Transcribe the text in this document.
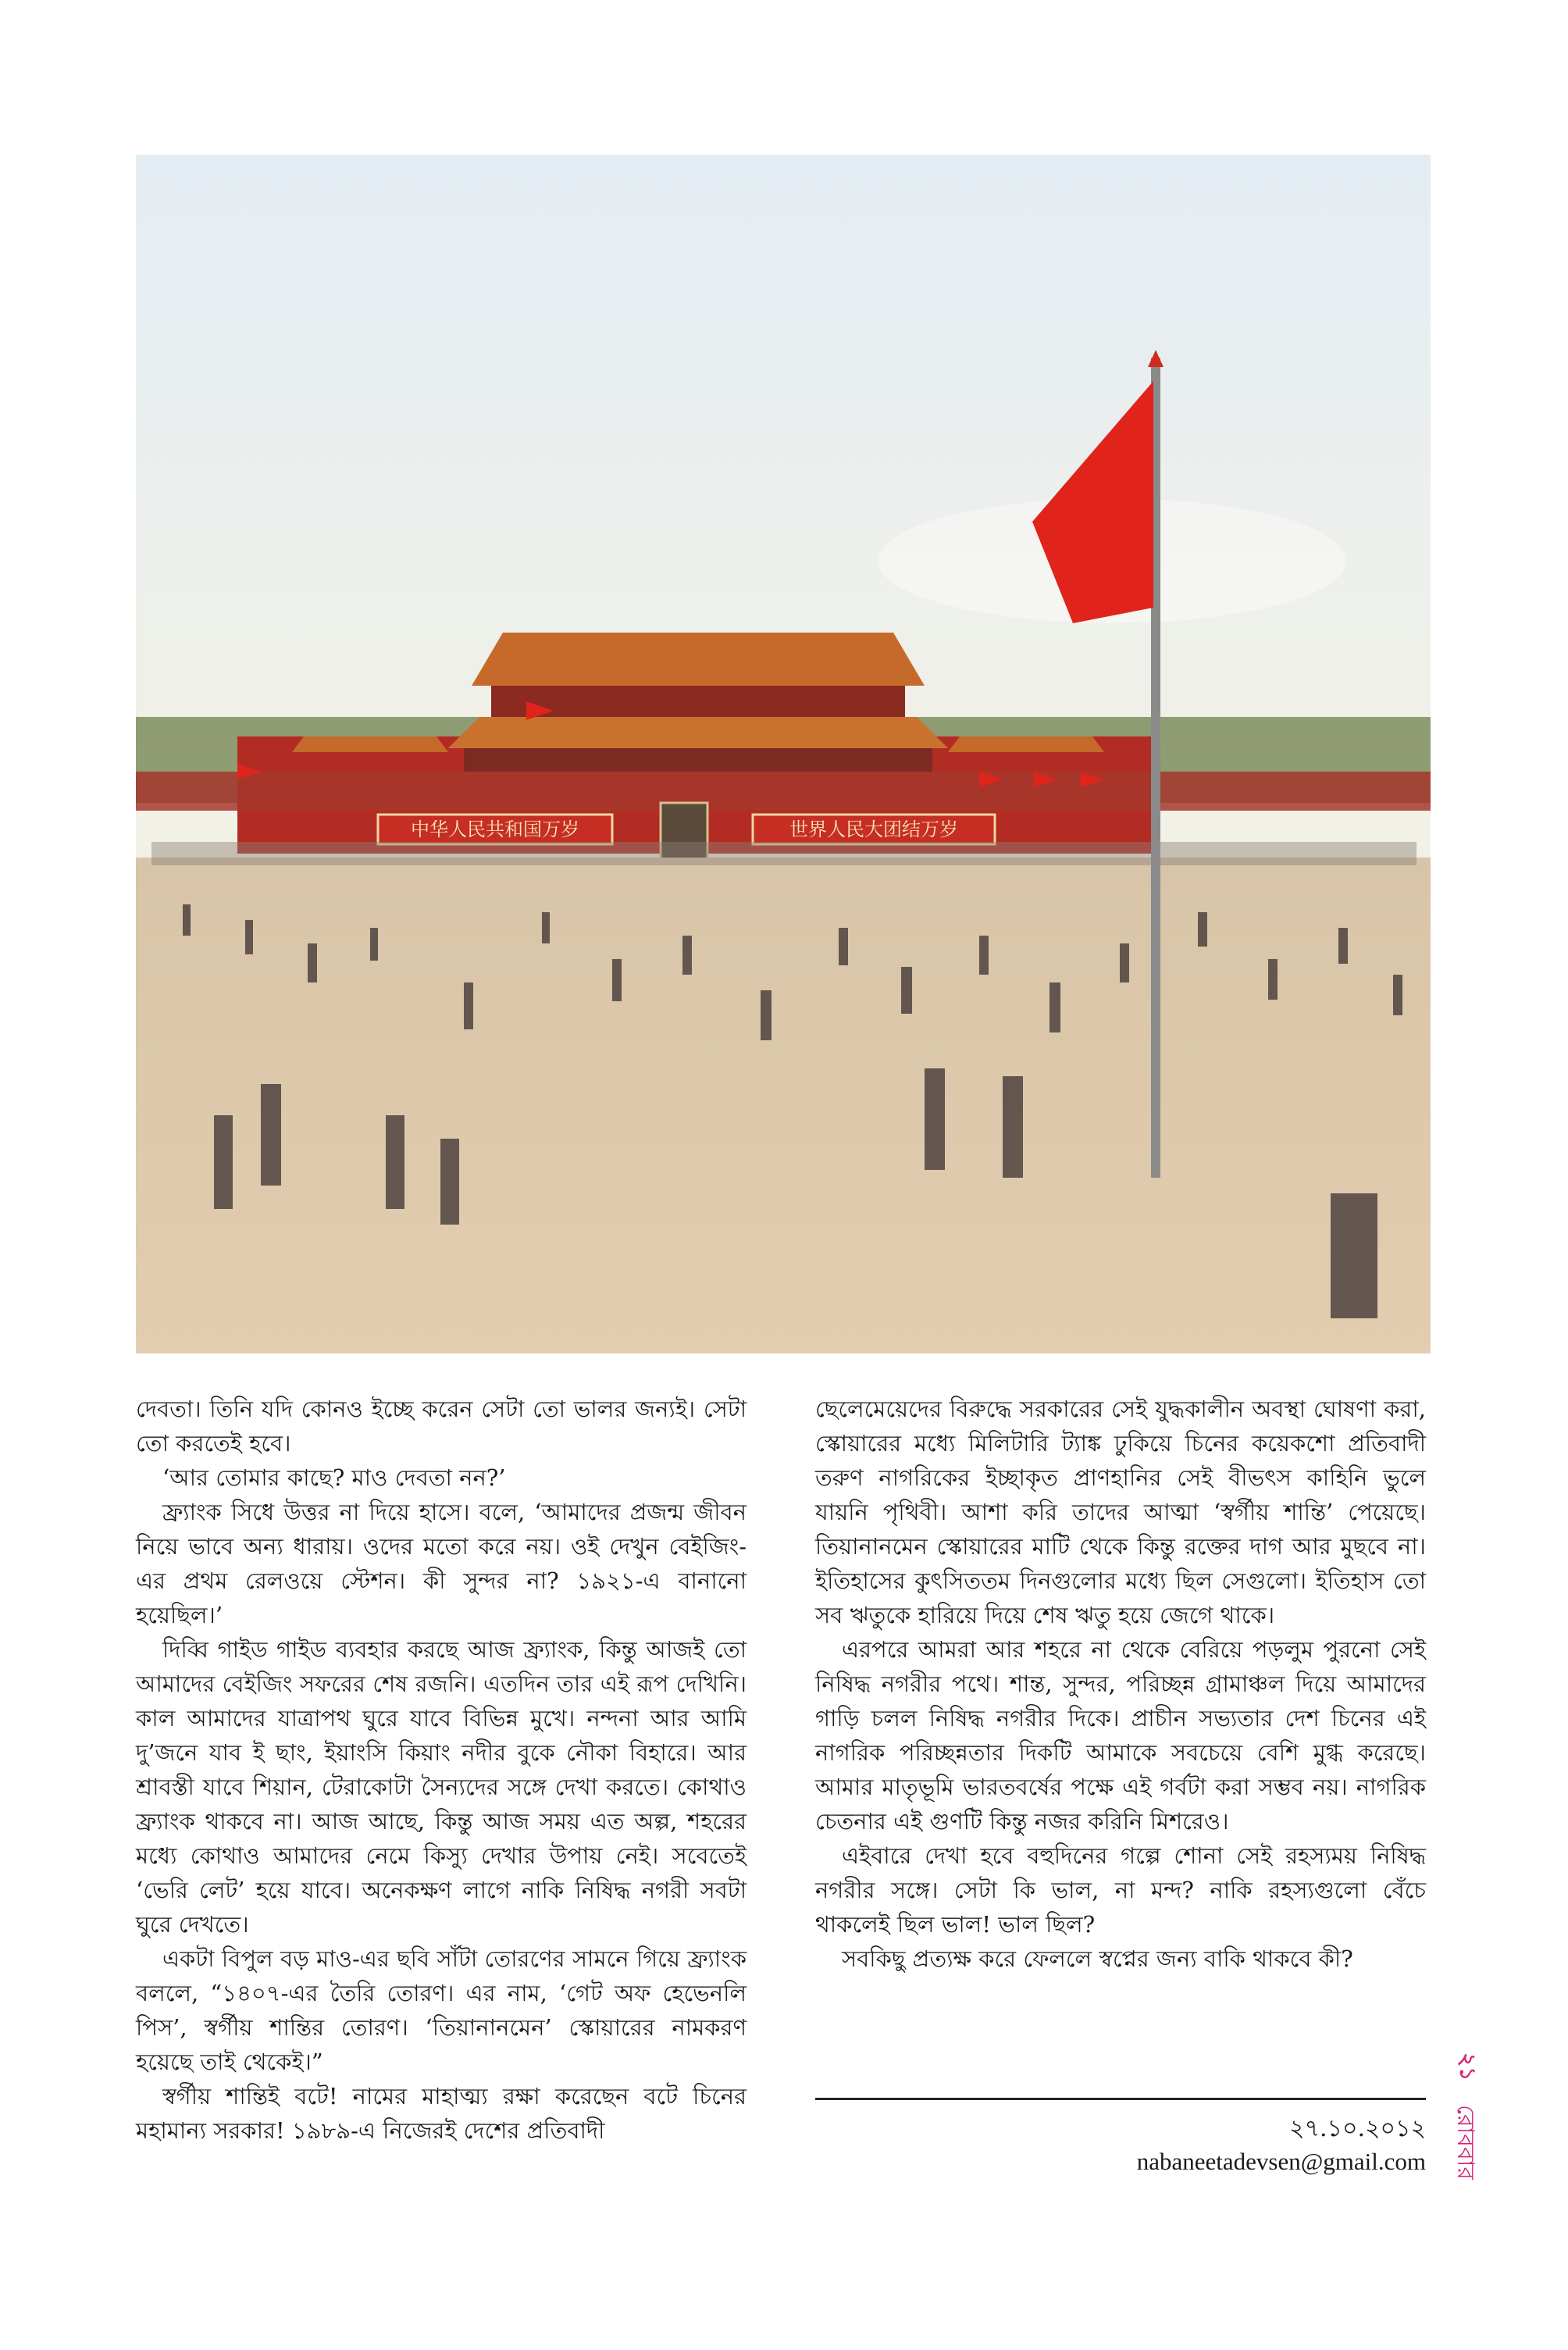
中华人民共和国万岁	世界人民大团结万岁

দেবতা। তিনি যদি কোনও ইচ্ছে করেন সেটা তো ভালর জন্যই। সেটা তো করতেই হবে।

‘আর তোমার কাছে? মাও দেবতা নন?’

ফ্র্যাংক সিধে উত্তর না দিয়ে হাসে। বলে, ‘আমাদের প্রজন্ম জীবন নিয়ে ভাবে অন্য ধারায়। ওদের মতো করে নয়। ওই দেখুন বেইজিং-এর প্রথম রেলওয়ে স্টেশন। কী সুন্দর না? ১৯২১-এ বানানো হয়েছিল।’

দিব্বি গাইড গাইড ব্যবহার করছে আজ ফ্র্যাংক, কিন্তু আজই তো আমাদের বেইজিং সফরের শেষ রজনি। এতদিন তার এই রূপ দেখিনি। কাল আমাদের যাত্রাপথ ঘুরে যাবে বিভিন্ন মুখে। নন্দনা আর আমি দু’জনে যাব ই ছাং, ইয়াংসি কিয়াং নদীর বুকে নৌকা বিহারে। আর শ্রাবস্তী যাবে শিয়ান, টেরাকোটা সৈন্যদের সঙ্গে দেখা করতে। কোথাও ফ্র্যাংক থাকবে না। আজ আছে, কিন্তু আজ সময় এত অল্প, শহরের মধ্যে কোথাও আমাদের নেমে কিস্যু দেখার উপায় নেই। সবেতেই ‘ভেরি লেট’ হয়ে যাবে। অনেকক্ষণ লাগে নাকি নিষিদ্ধ নগরী সবটা ঘুরে দেখতে।

একটা বিপুল বড় মাও-এর ছবি সাঁটা তোরণের সামনে গিয়ে ফ্র্যাংক বললে, “১৪০৭-এর তৈরি তোরণ। এর নাম, ‘গেট অফ হেভেনলি পিস’, স্বর্গীয় শান্তির তোরণ। ‘তিয়ানানমেন’ স্কোয়ারের নামকরণ হয়েছে তাই থেকেই।”

স্বর্গীয় শান্তিই বটে! নামের মাহাত্ম্য রক্ষা করেছেন বটে চিনের মহামান্য সরকার! ১৯৮৯-এ নিজেরই দেশের প্রতিবাদী

ছেলেমেয়েদের বিরুদ্ধে সরকারের সেই যুদ্ধকালীন অবস্থা ঘোষণা করা, স্কোয়ারের মধ্যে মিলিটারি ট্যাঙ্ক ঢুকিয়ে চিনের কয়েকশো প্রতিবাদী তরুণ নাগরিকের ইচ্ছাকৃত প্রাণহানির সেই বীভৎস কাহিনি ভুলে যায়নি পৃথিবী। আশা করি তাদের আত্মা ‘স্বর্গীয় শান্তি’ পেয়েছে। তিয়ানানমেন স্কোয়ারের মাটি থেকে কিন্তু রক্তের দাগ আর মুছবে না। ইতিহাসের কুৎসিততম দিনগুলোর মধ্যে ছিল সেগুলো। ইতিহাস তো সব ঋতুকে হারিয়ে দিয়ে শেষ ঋতু হয়ে জেগে থাকে।

এরপরে আমরা আর শহরে না থেকে বেরিয়ে পড়লুম পুরনো সেই নিষিদ্ধ নগরীর পথে। শান্ত, সুন্দর, পরিচ্ছন্ন গ্রামাঞ্চল দিয়ে আমাদের গাড়ি চলল নিষিদ্ধ নগরীর দিকে। প্রাচীন সভ্যতার দেশ চিনের এই নাগরিক পরিচ্ছন্নতার দিকটি আমাকে সবচেয়ে বেশি মুগ্ধ করেছে। আমার মাতৃভূমি ভারতবর্ষের পক্ষে এই গর্বটা করা সম্ভব নয়। নাগরিক চেতনার এই গুণটি কিন্তু নজর করিনি মিশরেও।

এইবারে দেখা হবে বহুদিনের গল্পে শোনা সেই রহস্যময় নিষিদ্ধ নগরীর সঙ্গে। সেটা কি ভাল, না মন্দ? নাকি রহস্যগুলো বেঁচে থাকলেই ছিল ভাল! ভাল ছিল?

সবকিছু প্রত্যক্ষ করে ফেললে স্বপ্নের জন্য বাকি থাকবে কী?

২৭.১০.২০১২
nabaneetadevsen@gmail.com
২১
রোববার
